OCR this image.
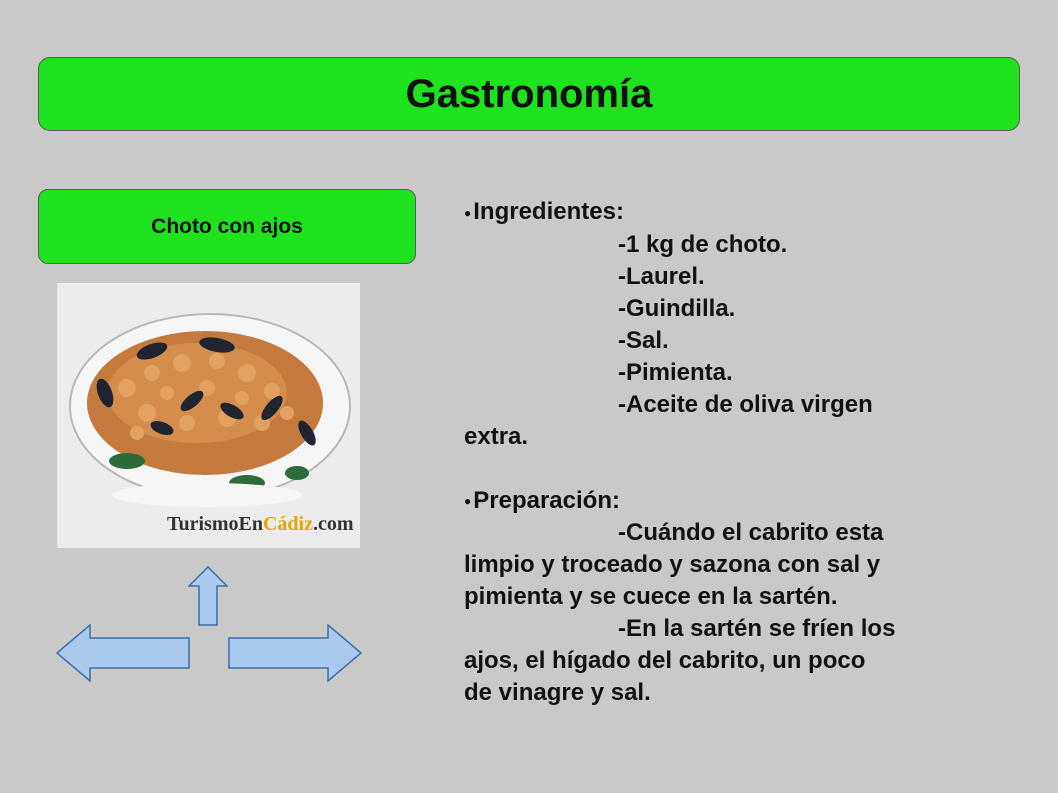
Gastronomía
Choto con ajos
TurismoEnCádiz.com
●Ingredientes:
-1 kg de choto.
-Laurel.
-Guindilla.
-Sal.
-Pimienta.
-Aceite de oliva virgen
extra.
●Preparación:
-Cuándo el cabrito esta
limpio y troceado y sazona con sal y
pimienta y se cuece en la sartén.
-En la sartén se fríen los
ajos, el hígado del cabrito, un poco
de vinagre y sal.
